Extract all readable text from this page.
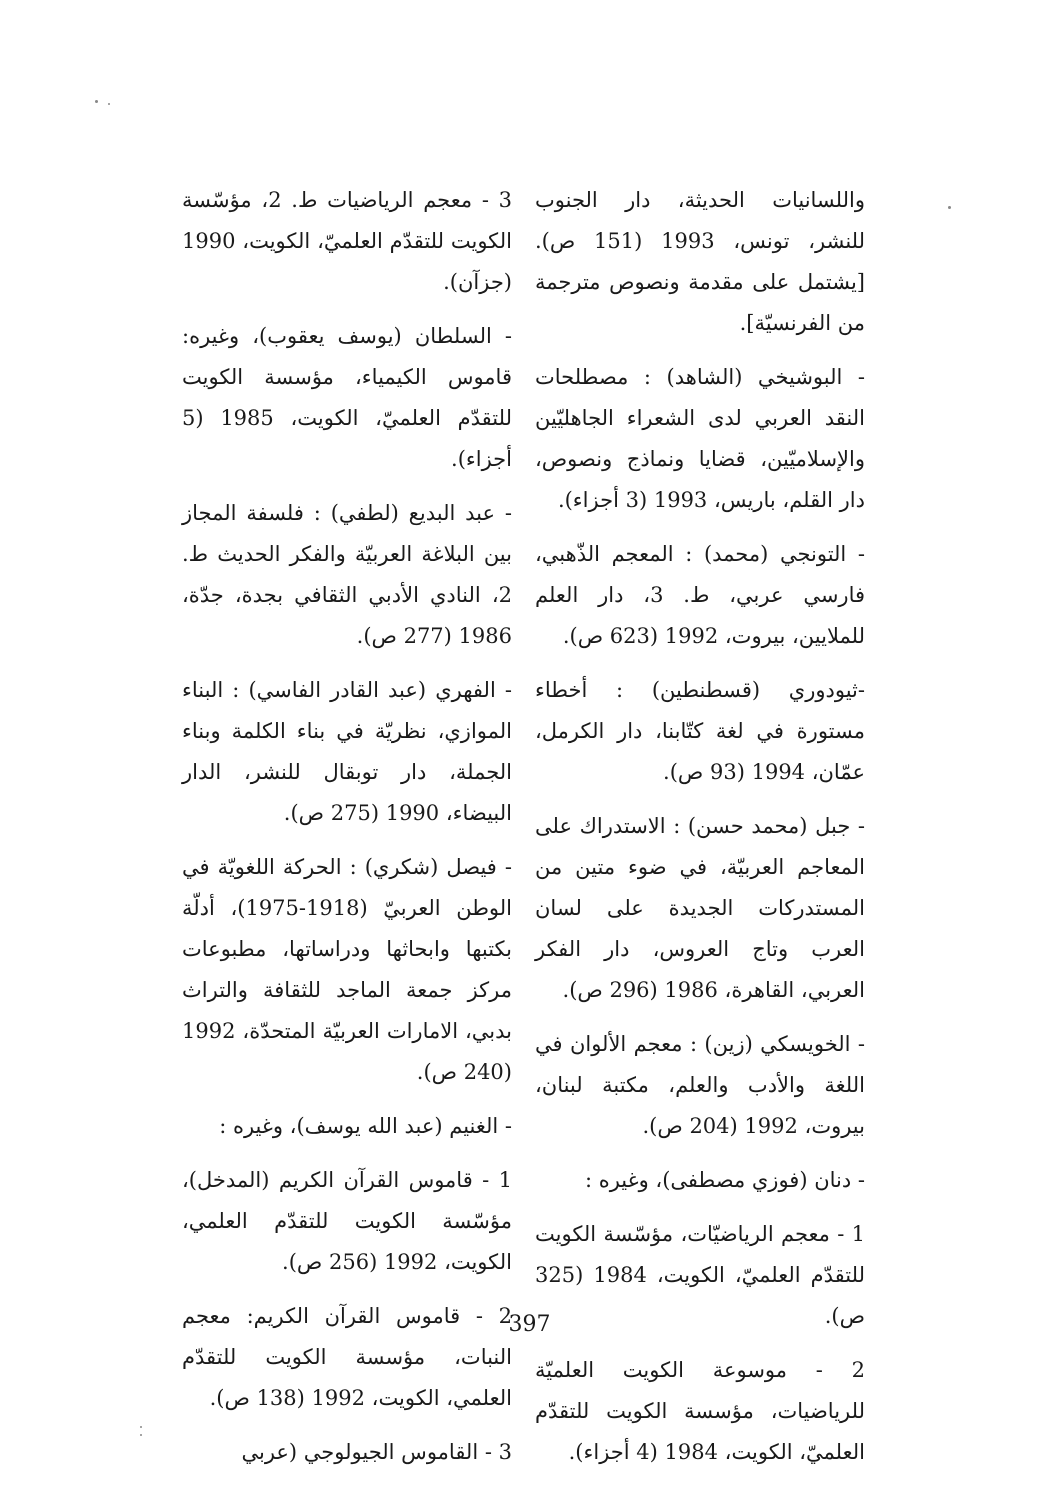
واللسانيات الحديثة، دار الجنوب للنشر، تونس، 1993 (151 ص). [يشتمل على مقدمة ونصوص مترجمة من الفرنسيّة].

- البوشيخي (الشاهد) : مصطلحات النقد العربي لدى الشعراء الجاهليّين والإسلاميّين، قضايا ونماذج ونصوص، دار القلم، باريس، 1993 (3 أجزاء).

- التونجي (محمد) : المعجم الذّهبي، فارسي عربي، ط. 3، دار العلم للملايين، بيروت، 1992 (623 ص).

-ثيودوري (قسطنطين) : أخطاء مستورة في لغة كتّابنا، دار الكرمل، عمّان، 1994 (93 ص).

- جبل (محمد حسن) : الاستدراك على المعاجم العربيّة، في ضوء متين من المستدركات الجديدة على لسان العرب وتاج العروس، دار الفكر العربي، القاهرة، 1986 (296 ص).

- الخويسكي (زين) : معجم الألوان في اللغة والأدب والعلم، مكتبة لبنان، بيروت، 1992 (204 ص).

- دنان (فوزي مصطفى)، وغيره :

1 - معجم الرياضيّات، مؤسّسة الكويت للتقدّم العلميّ، الكويت، 1984 (325 ص).

2 - موسوعة الكويت العلميّة للرياضيات، مؤسسة الكويت للتقدّم العلميّ، الكويت، 1984 (4 أجزاء).

3 - معجم الرياضيات ط. 2، مؤسّسة الكويت للتقدّم العلميّ، الكويت، 1990 (جزآن).

- السلطان (يوسف يعقوب)، وغيره: قاموس الكيمياء، مؤسسة الكويت للتقدّم العلميّ، الكويت، 1985 (5 أجزاء).

- عبد البديع (لطفي) : فلسفة المجاز بين البلاغة العربيّة والفكر الحديث ط. 2، النادي الأدبي الثقافي بجدة، جدّة، 1986 (277 ص).

- الفهري (عبد القادر الفاسي) : البناء الموازي، نظريّة في بناء الكلمة وبناء الجملة، دار توبقال للنشر، الدار البيضاء، 1990 (275 ص).

- فيصل (شكري) : الحركة اللغويّة في الوطن العربيّ (1918-1975)، أدلّة بكتبها وابحاثها ودراساتها، مطبوعات مركز جمعة الماجد للثقافة والتراث بدبي، الامارات العربيّة المتحدّة، 1992 (240 ص).

- الغنيم (عبد الله يوسف)، وغيره :

1 - قاموس القرآن الكريم (المدخل)، مؤسّسة الكويت للتقدّم العلمي، الكويت، 1992 (256 ص).

2 - قاموس القرآن الكريم: معجم النبات، مؤسسة الكويت للتقدّم العلمي، الكويت، 1992 (138 ص).

3 - القاموس الجيولوجي (عربي

397
